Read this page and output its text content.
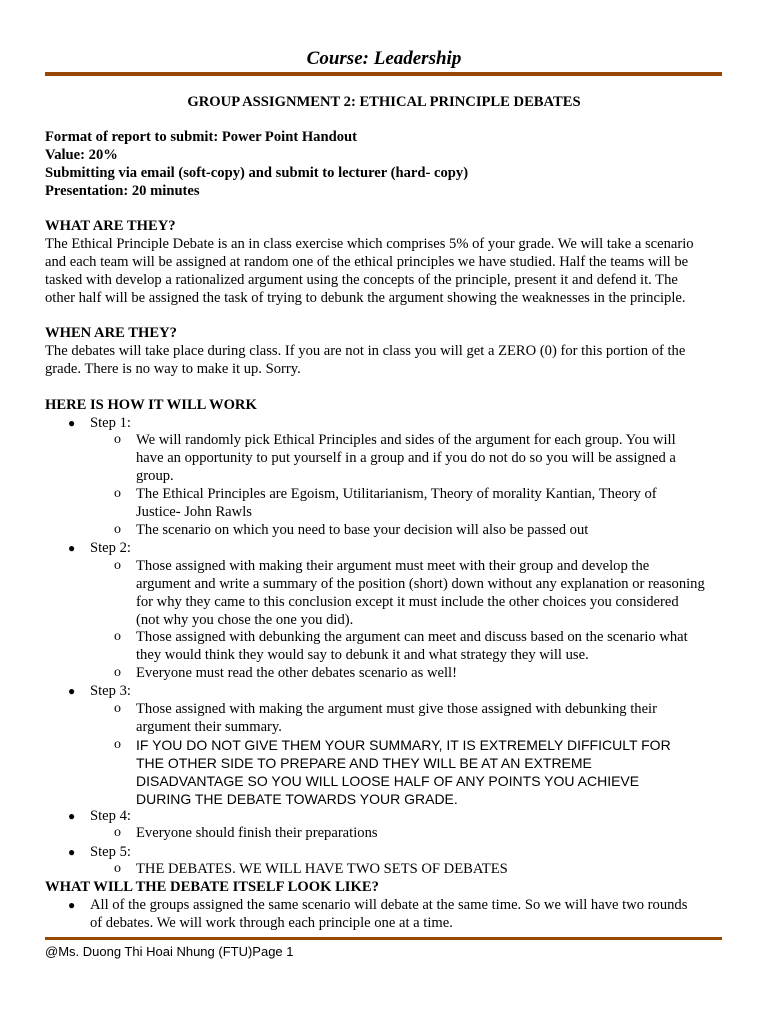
Course: Leadership
GROUP ASSIGNMENT 2: ETHICAL PRINCIPLE DEBATES
Format of report to submit: Power Point Handout
Value: 20%
Submitting via email (soft-copy) and submit to lecturer (hard- copy)
Presentation: 20 minutes
WHAT ARE THEY?
The Ethical Principle Debate is an in class exercise which comprises 5% of your grade. We will take a scenario
and each team will be assigned at random one of the ethical principles we have studied. Half the teams will be
tasked with develop a rationalized argument using the concepts of the principle, present it and defend it. The
other half will be assigned the task of trying to debunk the argument showing the weaknesses in the principle.
WHEN ARE THEY?
The debates will take place during class. If you are not in class you will get a ZERO (0) for this portion of the
grade. There is no way to make it up. Sorry.
HERE IS HOW IT WILL WORK
● Step 1:
o We will randomly pick Ethical Principles and sides of the argument for each group. You will
have an opportunity to put yourself in a group and if you do not do so you will be assigned a
group.
o The Ethical Principles are Egoism, Utilitarianism, Theory of morality Kantian, Theory of
Justice- John Rawls
o The scenario on which you need to base your decision will also be passed out
● Step 2:
o Those assigned with making their argument must meet with their group and develop the
argument and write a summary of the position (short) down without any explanation or reasoning
for why they came to this conclusion except it must include the other choices you considered
(not why you chose the one you did).
o Those assigned with debunking the argument can meet and discuss based on the scenario what
they would think they would say to debunk it and what strategy they will use.
o Everyone must read the other debates scenario as well!
● Step 3:
o Those assigned with making the argument must give those assigned with debunking their
argument their summary.
o IF YOU DO NOT GIVE THEM YOUR SUMMARY, IT IS EXTREMELY DIFFICULT FOR
THE OTHER SIDE TO PREPARE AND THEY WILL BE AT AN EXTREME
DISADVANTAGE SO YOU WILL LOOSE HALF OF ANY POINTS YOU ACHIEVE
DURING THE DEBATE TOWARDS YOUR GRADE.
● Step 4:
o Everyone should finish their preparations
● Step 5:
o THE DEBATES. WE WILL HAVE TWO SETS OF DEBATES
WHAT WILL THE DEBATE ITSELF LOOK LIKE?
● All of the groups assigned the same scenario will debate at the same time. So we will have two rounds
of debates. We will work through each principle one at a time.
@Ms. Duong Thi Hoai Nhung (FTU)Page 1
